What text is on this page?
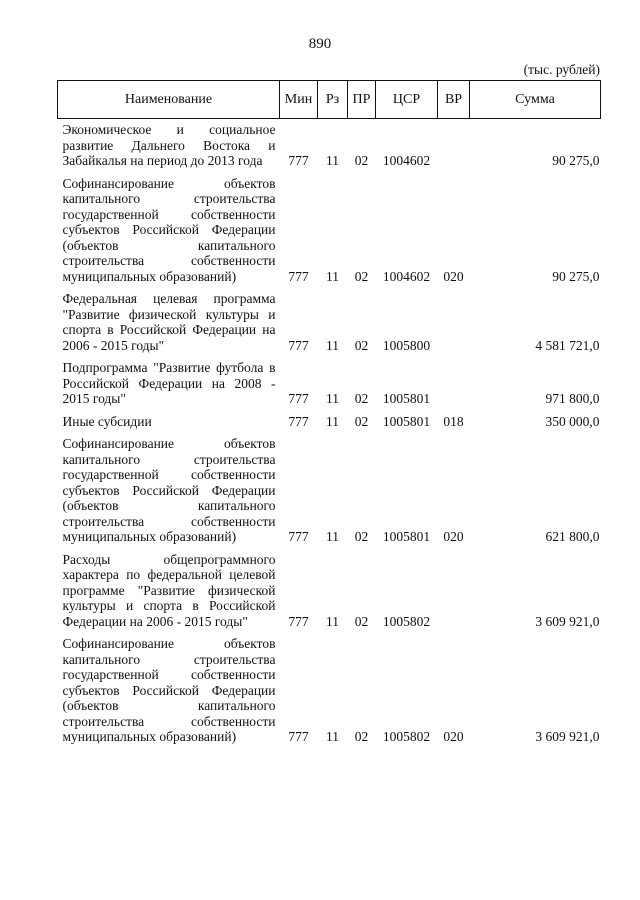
890
(тыс. рублей)
Наименование	Мин	Рз	ПР	ЦСР	ВР	Сумма
Экономическое и социальное развитие Дальнего Востока и Забайкалья на период до 2013 года	777	11	02	1004602		90 275,0
Софинансирование объектов капитального строительства государственной собственности субъектов Российской Федерации (объектов капитального строительства собственности муниципальных образований)	777	11	02	1004602	020	90 275,0
Федеральная целевая программа "Развитие физической культуры и спорта в Российской Федерации на 2006 - 2015 годы"	777	11	02	1005800		4 581 721,0
Подпрограмма "Развитие футбола в Российской Федерации на 2008 - 2015 годы"	777	11	02	1005801		971 800,0
Иные субсидии	777	11	02	1005801	018	350 000,0
Софинансирование объектов капитального строительства государственной собственности субъектов Российской Федерации (объектов капитального строительства собственности муниципальных образований)	777	11	02	1005801	020	621 800,0
Расходы общепрограммного характера по федеральной целевой программе "Развитие физической культуры и спорта в Российской Федерации на 2006 - 2015 годы"	777	11	02	1005802		3 609 921,0
Софинансирование объектов капитального строительства государственной собственности субъектов Российской Федерации (объектов капитального строительства собственности муниципальных образований)	777	11	02	1005802	020	3 609 921,0
